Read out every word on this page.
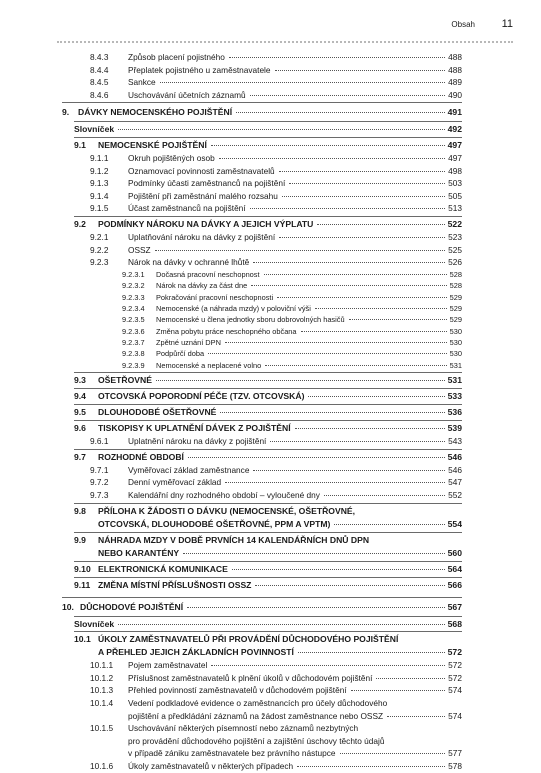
Obsah 11
8.4.3	Způsob placení pojistného	488
8.4.4	Přeplatek pojistného u zaměstnavatele	488
8.4.5	Sankce	489
8.4.6	Uschovávání účetních záznamů	490
9.	DÁVKY NEMOCENSKÉHO POJIŠTĚNÍ	491
Slovníček	492
9.1	NEMOCENSKÉ POJIŠTĚNÍ	497
9.1.1	Okruh pojištěných osob	497
9.1.2	Oznamovací povinnosti zaměstnavatelů	498
9.1.3	Podmínky účasti zaměstnanců na pojištění	503
9.1.4	Pojištění při zaměstnání malého rozsahu	505
9.1.5	Účast zaměstnanců na pojištění	513
9.2	PODMÍNKY NÁROKU NA DÁVKY A JEJICH VÝPLATU	522
9.2.1	Uplatňování nároku na dávky z pojištění	523
9.2.2	OSSZ	525
9.2.3	Nárok na dávky v ochranné lhůtě	526
9.2.3.1	Dočasná pracovní neschopnost	528
9.2.3.2	Nárok na dávky za část dne	528
9.2.3.3	Pokračování pracovní neschopnosti	529
9.2.3.4	Nemocenské (a náhrada mzdy) v poloviční výši	529
9.2.3.5	Nemocenské u člena jednotky sboru dobrovolných hasičů	529
9.2.3.6	Změna pobytu práce neschopného občana	530
9.2.3.7	Zpětné uznání DPN	530
9.2.3.8	Podpůrčí doba	530
9.2.3.9	Nemocenské a neplacené volno	531
9.3	OŠETŘOVNÉ	531
9.4	OTCOVSKÁ POPORODNÍ PÉČE (TZV. OTCOVSKÁ)	533
9.5	DLOUHODOBÉ OŠETŘOVNÉ	536
9.6	TISKOPISY K UPLATNĚNÍ DÁVEK Z POJIŠTĚNÍ	539
9.6.1	Uplatnění nároku na dávky z pojištění	543
9.7	ROZHODNÉ OBDOBÍ	546
9.7.1	Vyměřovací základ zaměstnance	546
9.7.2	Denní vyměřovací základ	547
9.7.3	Kalendářní dny rozhodného období – vyloučené dny	552
9.8	PŘÍLOHA K ŽÁDOSTI O DÁVKU (NEMOCENSKÉ, OŠETŘOVNÉ,
OTCOVSKÁ, DLOUHODOBÉ OŠETŘOVNÉ, PPM A VPTM)	554
9.9	NÁHRADA MZDY V DOBĚ PRVNÍCH 14 KALENDÁŘNÍCH DNŮ DPN
NEBO KARANTÉNY	560
9.10 ELEKTRONICKÁ KOMUNIKACE	564
9.11 ZMĚNA MÍSTNÍ PŘÍSLUŠNOSTI OSSZ	566
10. DŮCHODOVÉ POJIŠTĚNÍ	567
Slovníček	568
10.1 ÚKOLY ZAMĚSTNAVATELŮ PŘI PROVÁDĚNÍ DŮCHODOVÉHO POJIŠTĚNÍ
A PŘEHLED JEJICH ZÁKLADNÍCH POVINNOSTÍ	572
10.1.1	Pojem zaměstnavatel	572
10.1.2	Příslušnost zaměstnavatelů k plnění úkolů v důchodovém pojištění	572
10.1.3	Přehled povinností zaměstnavatelů v důchodovém pojištění	574
10.1.4	Vedení podkladové evidence o zaměstnancích pro účely důchodového
pojištění a předkládání záznamů na žádost zaměstnance nebo OSSZ	574
10.1.5	Uschovávání některých písemností nebo záznamů nezbytných
pro provádění důchodového pojištění a zajištění úschovy těchto údajů
v případě zániku zaměstnavatele bez právního nástupce	577
10.1.6	Úkoly zaměstnavatelů v některých případech	578
